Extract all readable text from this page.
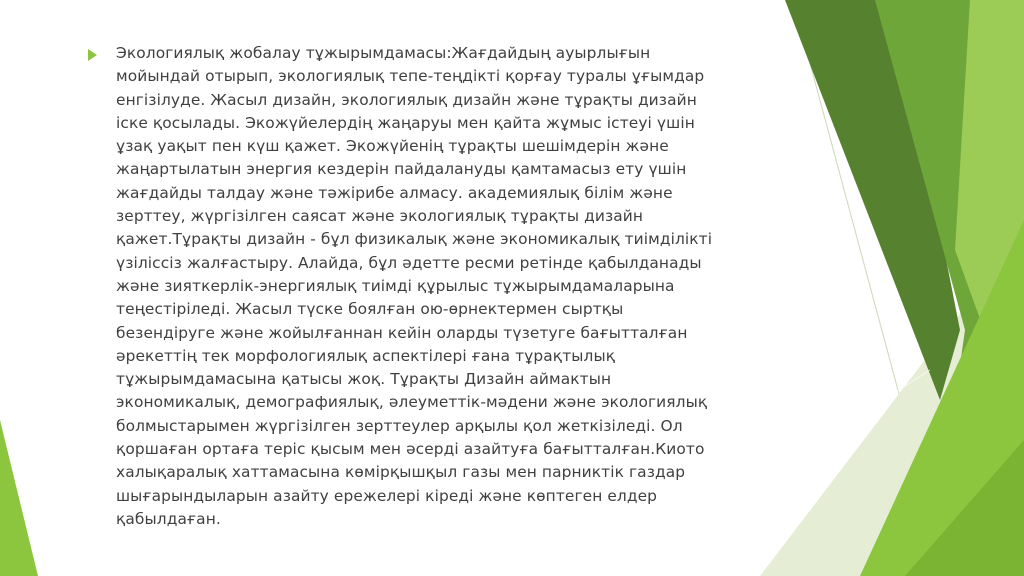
Экологиялық жобалау тұжырымдамасы:Жағдайдың ауырлығын
мойындай отырып, экологиялық тепе-теңдікті қорғау туралы ұғымдар
енгізілуде. Жасыл дизайн, экологиялық дизайн және тұрақты дизайн
іске қосылады. Экожүйелердің жаңаруы мен қайта жұмыс істеуі үшін
ұзақ уақыт пен күш қажет. Экожүйенің тұрақты шешімдерін және
жаңартылатын энергия кездерін пайдалануды қамтамасыз ету үшін
жағдайды талдау және тәжірибе алмасу. академиялық білім және
зерттеу, жүргізілген саясат және экологиялық тұрақты дизайн
қажет.Тұрақты дизайн - бұл физикалық және экономикалық тиімділікті
үзіліссіз жалғастыру. Алайда, бұл әдетте ресми ретінде қабылданады
және зияткерлік-энергиялық тиімді құрылыс тұжырымдамаларына
теңестіріледі. Жасыл түске боялған ою-өрнектермен сыртқы
безендіруге және жойылғаннан кейін оларды түзетуге бағытталған
әрекеттің тек морфологиялық аспектілері ғана тұрақтылық
тұжырымдамасына қатысы жоқ. Тұрақты Дизайн аймактын
экономикалық, демографиялық, әлеуметтік-мәдени және экологиялық
болмыстарымен жүргізілген зерттеулер арқылы қол жеткізіледі. Ол
қоршаған ортаға теріс қысым мен әсерді азайтуға бағытталған.Киото
халықаралық хаттамасына көмірқышқыл газы мен парниктік газдар
шығарындыларын азайту ережелері кіреді және көптеген елдер
қабылдаған.
